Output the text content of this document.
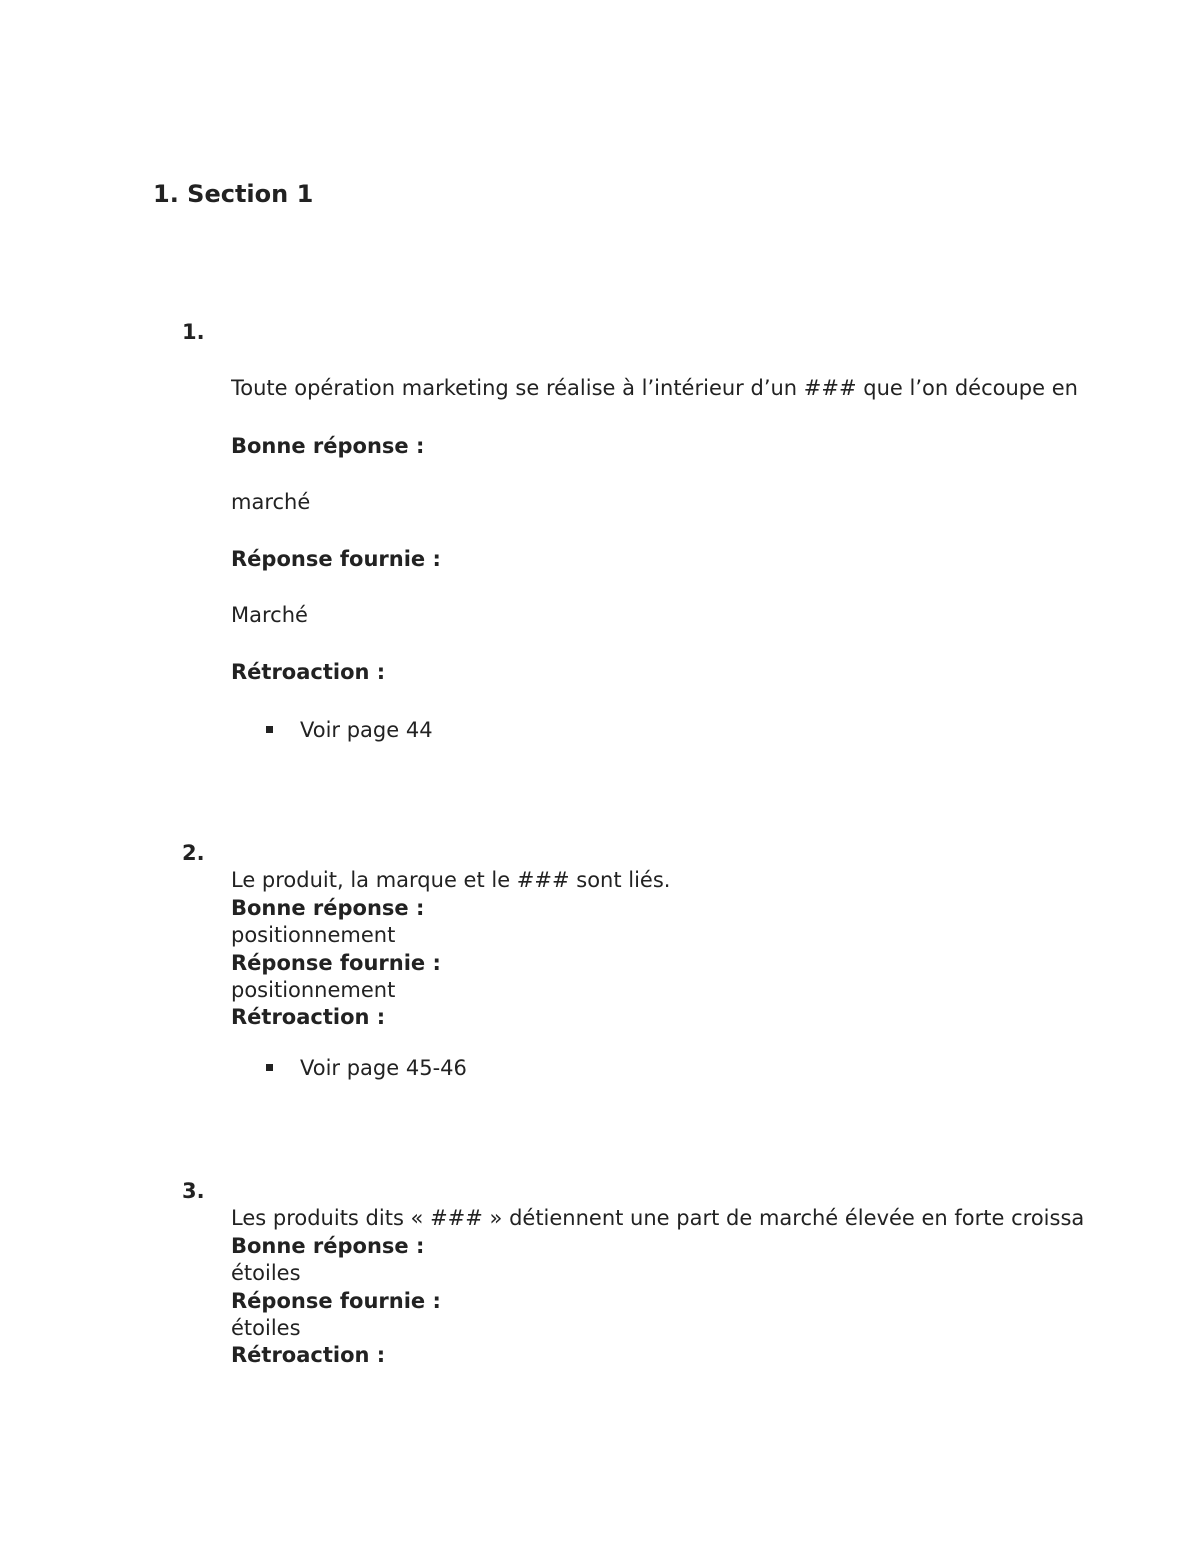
1. Section 1

1.

Toute opération marketing se réalise à l’intérieur d’un ### que l’on découpe en

Bonne réponse :

marché

Réponse fournie :

Marché

Rétroaction :

Voir page 44

2.

Le produit, la marque et le ### sont liés.

Bonne réponse :

positionnement

Réponse fournie :

positionnement

Rétroaction :

Voir page 45-46

3.

Les produits dits « ### » détiennent une part de marché élevée en forte croissa

Bonne réponse :

étoiles

Réponse fournie :

étoiles

Rétroaction :
